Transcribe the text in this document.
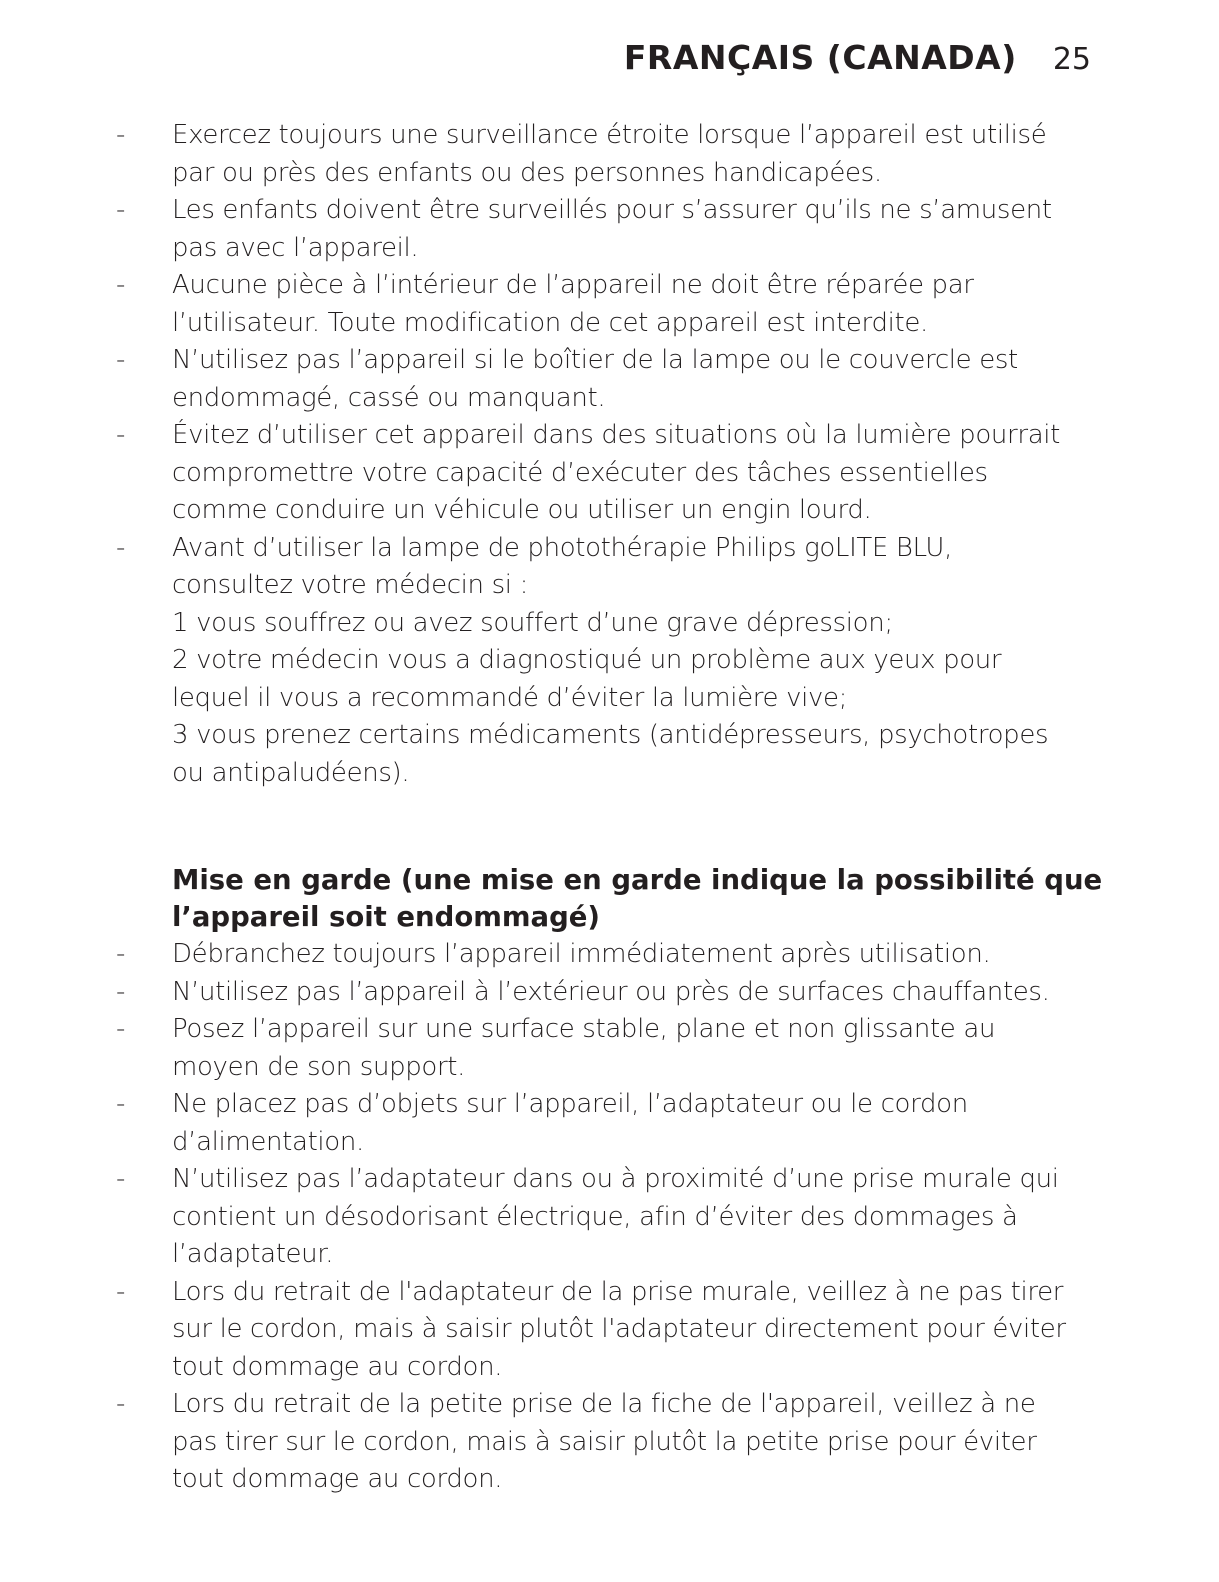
FRANÇAIS (CANADA) 25
- Exercez toujours une surveillance étroite lorsque l’appareil est utilisé
par ou près des enfants ou des personnes handicapées.
- Les enfants doivent être surveillés pour s’assurer qu’ils ne s’amusent
pas avec l’appareil.
- Aucune pièce à l’intérieur de l’appareil ne doit être réparée par
l’utilisateur. Toute modification de cet appareil est interdite.
- N’utilisez pas l’appareil si le boîtier de la lampe ou le couvercle est
endommagé, cassé ou manquant.
- Évitez d’utiliser cet appareil dans des situations où la lumière pourrait
compromettre votre capacité d’exécuter des tâches essentielles
comme conduire un véhicule ou utiliser un engin lourd.
- Avant d’utiliser la lampe de photothérapie Philips goLITE BLU,
consultez votre médecin si :
1 vous souffrez ou avez souffert d’une grave dépression;
2 votre médecin vous a diagnostiqué un problème aux yeux pour
lequel il vous a recommandé d’éviter la lumière vive;
3 vous prenez certains médicaments (antidépresseurs, psychotropes
ou antipaludéens).
Mise en garde (une mise en garde indique la possibilité que
l’appareil soit endommagé)
- Débranchez toujours l’appareil immédiatement après utilisation.
- N’utilisez pas l’appareil à l’extérieur ou près de surfaces chauffantes.
- Posez l’appareil sur une surface stable, plane et non glissante au
moyen de son support.
- Ne placez pas d’objets sur l’appareil, l’adaptateur ou le cordon
d’alimentation.
- N’utilisez pas l’adaptateur dans ou à proximité d’une prise murale qui
contient un désodorisant électrique, afin d’éviter des dommages à
l’adaptateur.
- Lors du retrait de l'adaptateur de la prise murale, veillez à ne pas tirer
sur le cordon, mais à saisir plutôt l'adaptateur directement pour éviter
tout dommage au cordon.
- Lors du retrait de la petite prise de la fiche de l'appareil, veillez à ne
pas tirer sur le cordon, mais à saisir plutôt la petite prise pour éviter
tout dommage au cordon.
